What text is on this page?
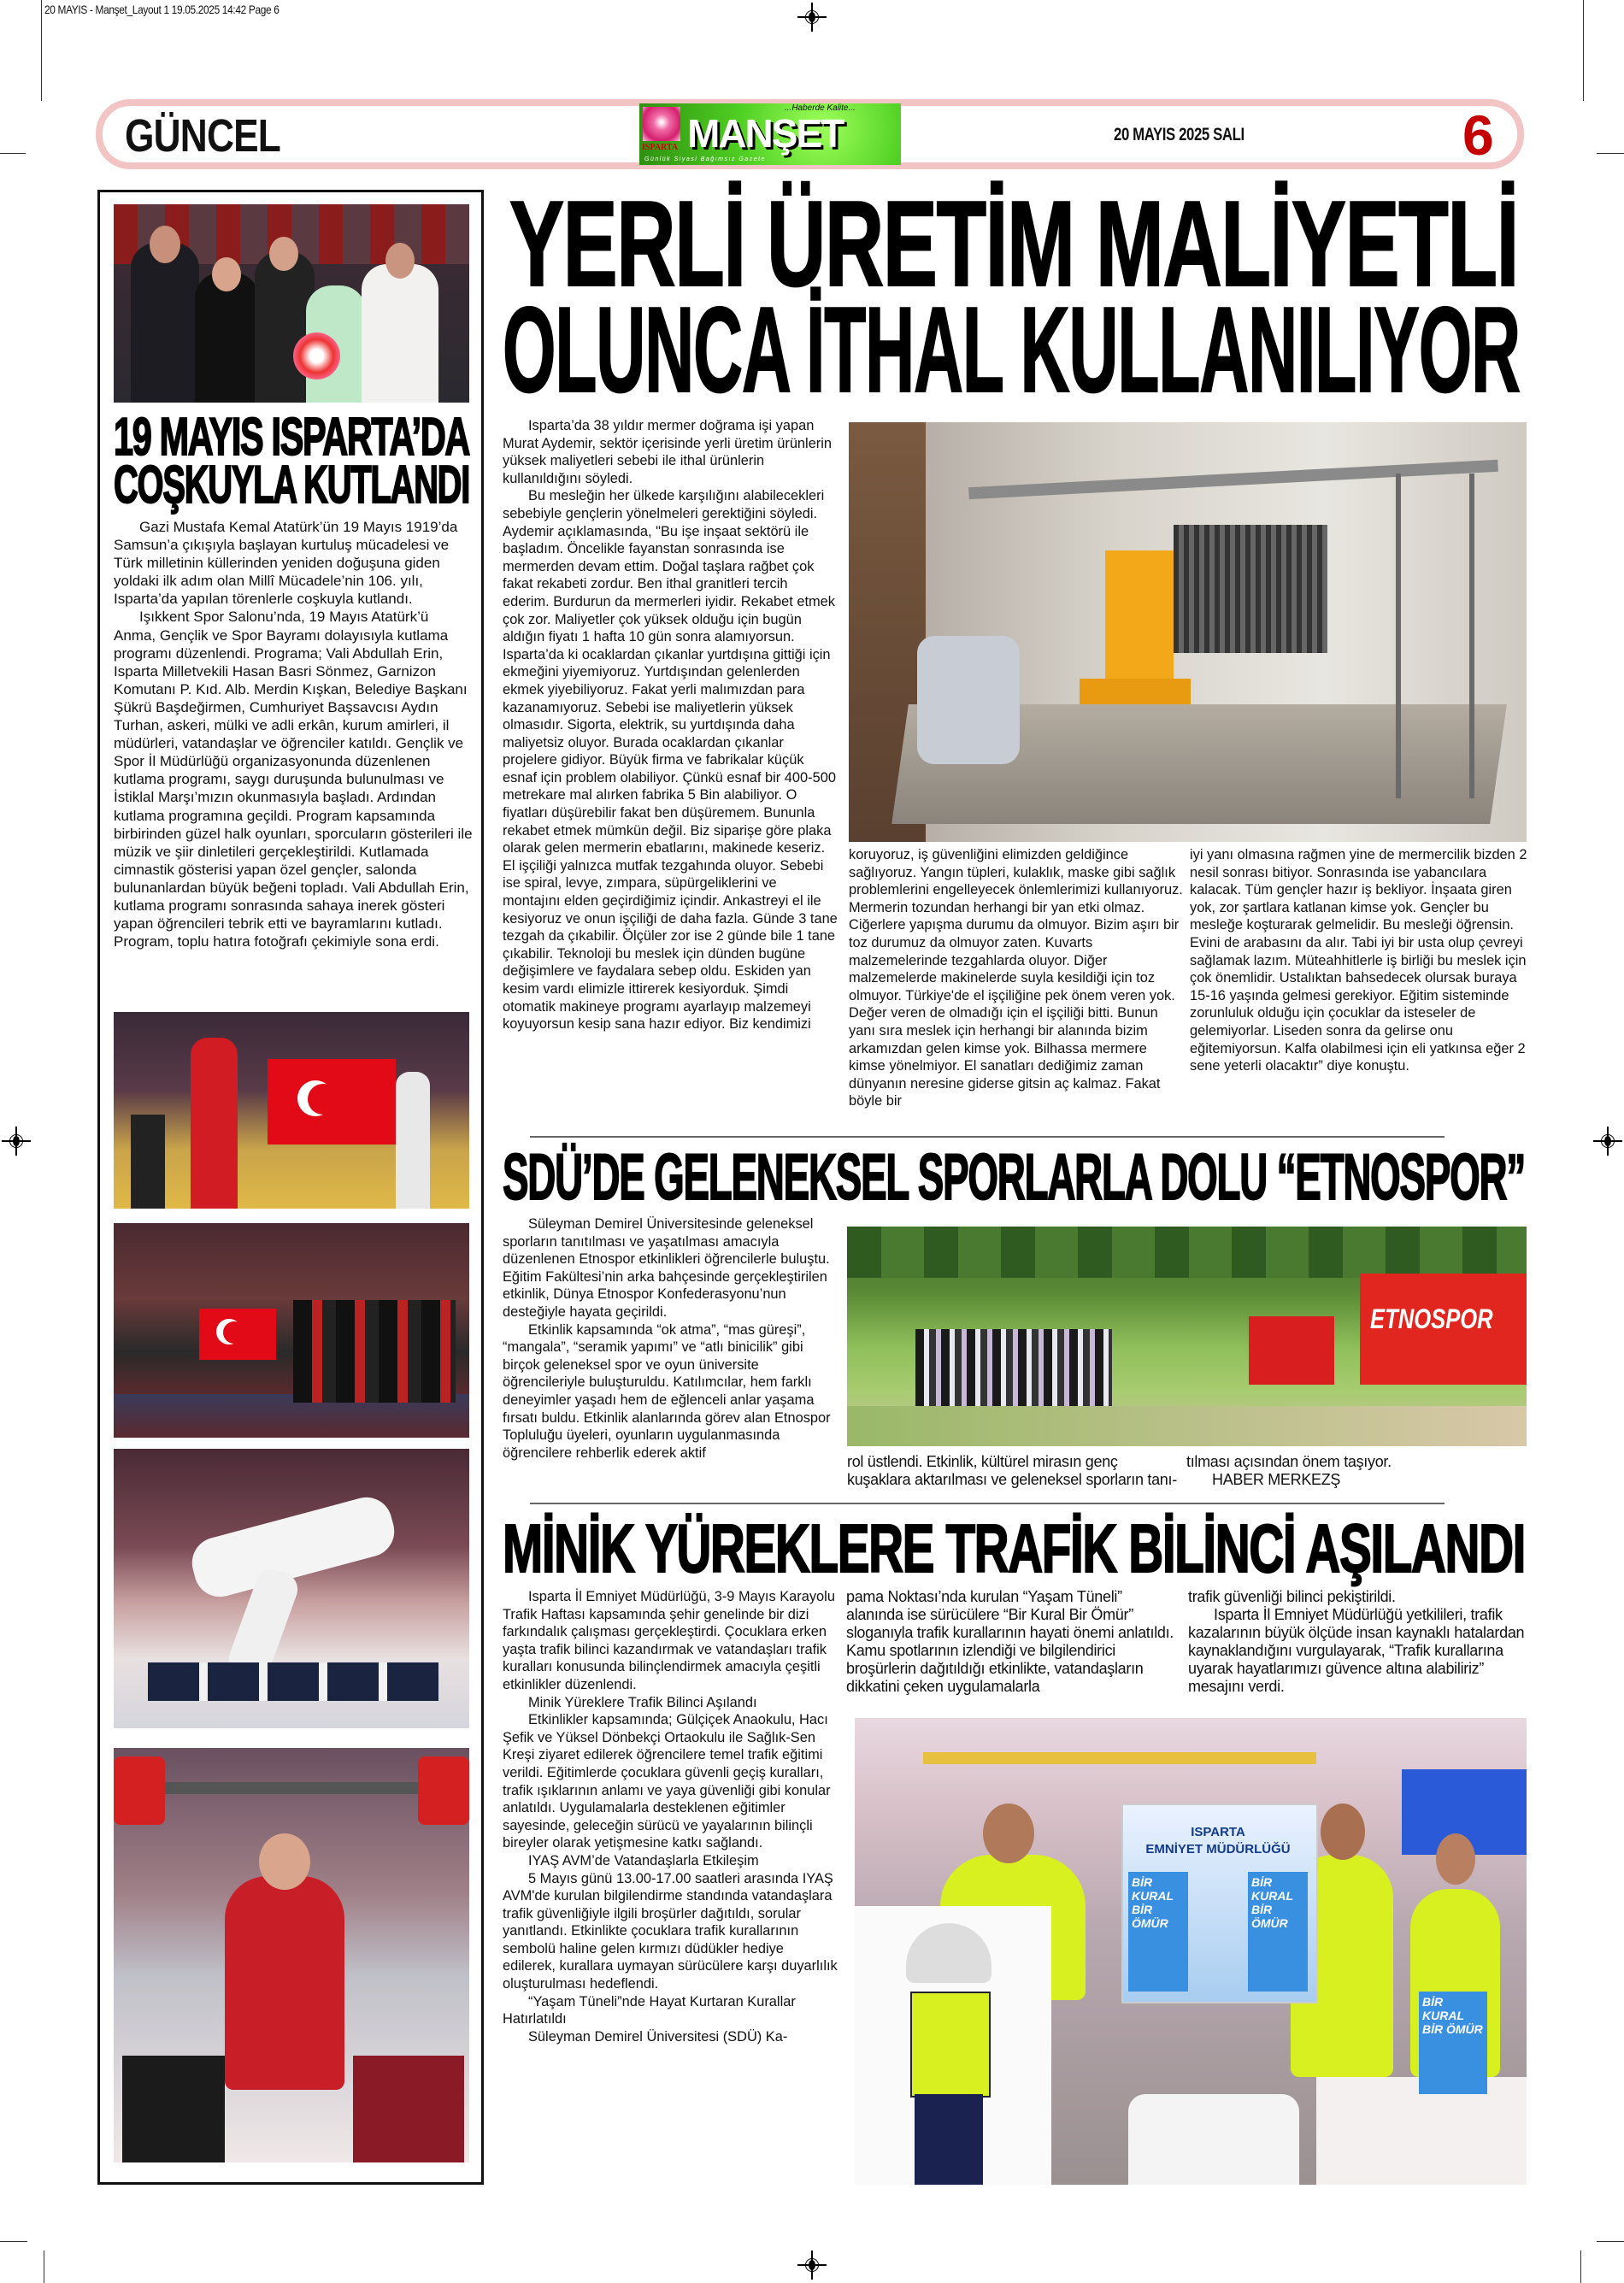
20 MAYIS - Manşet_Layout 1 19.05.2025 14:42 Page 6
GÜNCEL	ISPARTA MANŞET
...Haberde Kalite...
Günlük Siyasi Bağımsız Gazete
20 MAYIS 2025 SALI	6
19 MAYIS ISPARTA’DA
COŞKUYLA KUTLANDI

Gazi Mustafa Kemal Atatürk’ün 19 Mayıs 1919’da Samsun’a çıkışıyla başlayan kurtuluş mücadelesi ve Türk milletinin küllerinden yeniden doğuşuna giden yoldaki ilk adım olan Millî Mücadele’nin 106. yılı, Isparta’da yapılan törenlerle coşkuyla kutlandı.

Işıkkent Spor Salonu’nda, 19 Mayıs Atatürk’ü Anma, Gençlik ve Spor Bayramı dolayısıyla kutlama programı düzenlendi. Programa; Vali Abdullah Erin, Isparta Milletvekili Hasan Basri Sönmez, Garnizon Komutanı P. Kıd. Alb. Merdin Kışkan, Belediye Başkanı Şükrü Başdeğirmen, Cumhuriyet Başsavcısı Aydın Turhan, askeri, mülki ve adli erkân, kurum amirleri, il müdürleri, vatandaşlar ve öğrenciler katıldı. Gençlik ve Spor İl Müdürlüğü organizasyonunda düzenlenen kutlama programı, saygı duruşunda bulunulması ve İstiklal Marşı’mızın okunmasıyla başladı. Ardından kutlama programına geçildi. Program kapsamında birbirinden güzel halk oyunları, sporcuların gösterileri ile müzik ve şiir dinletileri gerçekleştirildi. Kutlamada cimnastik gösterisi yapan özel gençler, salonda bulunanlardan büyük beğeni topladı. Vali Abdullah Erin, kutlama programı sonrasında sahaya inerek gösteri yapan öğrencileri tebrik etti ve bayramlarını kutladı. Program, toplu hatıra fotoğrafı çekimiyle sona erdi.

YERLİ ÜRETİM MALİYETLİ
OLUNCA İTHAL KULLANILIYOR

Isparta’da 38 yıldır mermer doğrama işi yapan Murat Aydemir, sektör içerisinde yerli üretim ürünlerin yüksek maliyetleri sebebi ile ithal ürünlerin kullanıldığını söyledi.

Bu mesleğin her ülkede karşılığını alabilecekleri sebebiyle gençlerin yönelmeleri gerektiğini söyledi. Aydemir açıklamasında, "Bu işe inşaat sektörü ile başladım. Öncelikle fayanstan sonrasında ise mermerden devam ettim. Doğal taşlara rağbet çok fakat rekabeti zordur. Ben ithal granitleri tercih ederim. Burdurun da mermerleri iyidir. Rekabet etmek çok zor. Maliyetler çok yüksek olduğu için bugün aldığın fiyatı 1 hafta 10 gün sonra alamıyorsun. Isparta’da ki ocaklardan çıkanlar yurtdışına gittiği için ekmeğini yiyemiyoruz. Yurtdışından gelenlerden ekmek yiyebiliyoruz. Fakat yerli malımızdan para kazanamıyoruz. Sebebi ise maliyetlerin yüksek olmasıdır. Sigorta, elektrik, su yurtdışında daha maliyetsiz oluyor. Burada ocaklardan çıkanlar projelere gidiyor. Büyük firma ve fabrikalar küçük esnaf için problem olabiliyor. Çünkü esnaf bir 400-500 metrekare mal alırken fabrika 5 Bin alabiliyor. O fiyatları düşürebilir fakat ben düşüremem. Bununla rekabet etmek mümkün değil. Biz siparişe göre plaka olarak gelen mermerin ebatlarını, makinede keseriz. El işçiliği yalnızca mutfak tezgahında oluyor. Sebebi ise spiral, levye, zımpara, süpürgeliklerini ve montajını elden geçirdiğimiz içindir. Ankastreyi el ile kesiyoruz ve onun işçiliği de daha fazla. Günde 3 tane tezgah da çıkabilir. Ölçüler zor ise 2 günde bile 1 tane çıkabilir. Teknoloji bu meslek için dünden bugüne değişimlere ve faydalara sebep oldu. Eskiden yan kesim vardı elimizle ittirerek kesiyorduk. Şimdi otomatik makineye programı ayarlayıp malzemeyi koyuyorsun kesip sana hazır ediyor. Biz kendimizi

koruyoruz, iş güvenliğini elimizden geldiğince sağlıyoruz. Yangın tüpleri, kulaklık, maske gibi sağlık problemlerini engelleyecek önlemlerimizi kullanıyoruz. Mermerin tozundan herhangi bir yan etki olmaz. Ciğerlere yapışma durumu da olmuyor. Bizim aşırı bir toz durumuz da olmuyor zaten. Kuvarts malzemelerinde tezgahlarda oluyor. Diğer malzemelerde makinelerde suyla kesildiği için toz olmuyor. Türkiye'de el işçiliğine pek önem veren yok. Değer veren de olmadığı için el işçiliği bitti. Bunun yanı sıra meslek için herhangi bir alanında bizim arkamızdan gelen kimse yok. Bilhassa mermere kimse yönelmiyor. El sanatları dediğimiz zaman dünyanın neresine giderse gitsin aç kalmaz. Fakat böyle bir

iyi yanı olmasına rağmen yine de mermercilik bizden 2 nesil sonrası bitiyor. Sonrasında ise yabancılara kalacak. Tüm gençler hazır iş bekliyor. İnşaata giren yok, zor şartlara katlanan kimse yok. Gençler bu mesleğe koşturarak gelmelidir. Bu mesleği öğrensin. Evini de arabasını da alır. Tabi iyi bir usta olup çevreyi sağlamak lazım. Müteahhitlerle iş birliği bu meslek için çok önemlidir. Ustalıktan bahsedecek olursak buraya 15-16 yaşında gelmesi gerekiyor. Eğitim sisteminde zorunluluk olduğu için çocuklar da isteseler de gelemiyorlar. Liseden sonra da gelirse onu eğitemiyorsun. Kalfa olabilmesi için eli yatkınsa eğer 2 sene yeterli olacaktır” diye konuştu.

SDÜ’DE GELENEKSEL SPORLARLA DOLU “ETNOSPOR”

Süleyman Demirel Üniversitesinde geleneksel sporların tanıtılması ve yaşatılması amacıyla düzenlenen Etnospor etkinlikleri öğrencilerle buluştu. Eğitim Fakültesi’nin arka bahçesinde gerçekleştirilen etkinlik, Dünya Etnospor Konfederasyonu’nun desteğiyle hayata geçirildi.

Etkinlik kapsamında “ok atma”, “mas güreşi”, “mangala”, “seramik yapımı” ve “atlı binicilik” gibi birçok geleneksel spor ve oyun üniversite öğrencileriyle buluşturuldu. Katılımcılar, hem farklı deneyimler yaşadı hem de eğlenceli anlar yaşama fırsatı buldu. Etkinlik alanlarında görev alan Etnospor Topluluğu üyeleri, oyunların uygulanmasında öğrencilere rehberlik ederek aktif

ETNOSPOR

rol üstlendi. Etkinlik, kültürel mirasın genç kuşaklara aktarılması ve geleneksel sporların tanı-

tılması açısından önem taşıyor.

HABER MERKEZŞ

MİNİK YÜREKLERE TRAFİK BİLİNCİ AŞILANDI

Isparta İl Emniyet Müdürlüğü, 3-9 Mayıs Karayolu Trafik Haftası kapsamında şehir genelinde bir dizi farkındalık çalışması gerçekleştirdi. Çocuklara erken yaşta trafik bilinci kazandırmak ve vatandaşları trafik kuralları konusunda bilinçlendirmek amacıyla çeşitli etkinlikler düzenlendi.

Minik Yüreklere Trafik Bilinci Aşılandı

Etkinlikler kapsamında; Gülçiçek Anaokulu, Hacı Şefik ve Yüksel Dönbekçi Ortaokulu ile Sağlık-Sen Kreşi ziyaret edilerek öğrencilere temel trafik eğitimi verildi. Eğitimlerde çocuklara güvenli geçiş kuralları, trafik ışıklarının anlamı ve yaya güvenliği gibi konular anlatıldı. Uygulamalarla desteklenen eğitimler sayesinde, geleceğin sürücü ve yayalarının bilinçli bireyler olarak yetişmesine katkı sağlandı.

IYAŞ AVM’de Vatandaşlarla Etkileşim

5 Mayıs günü 13.00-17.00 saatleri arasında IYAŞ AVM'de kurulan bilgilendirme standında vatandaşlara trafik güvenliğiyle ilgili broşürler dağıtıldı, sorular yanıtlandı. Etkinlikte çocuklara trafik kurallarının sembolü haline gelen kırmızı düdükler hediye edilerek, kurallara uymayan sürücülere karşı duyarlılık oluşturulması hedeflendi.

“Yaşam Tüneli”nde Hayat Kurtaran Kurallar Hatırlatıldı

Süleyman Demirel Üniversitesi (SDÜ) Ka-

pama Noktası’nda kurulan “Yaşam Tüneli” alanında ise sürücülere “Bir Kural Bir Ömür” sloganıyla trafik kurallarının hayati önemi anlatıldı. Kamu spotlarının izlendiği ve bilgilendirici broşürlerin dağıtıldığı etkinlikte, vatandaşların dikkatini çeken uygulamalarla

trafik güvenliği bilinci pekiştirildi.

Isparta İl Emniyet Müdürlüğü yetkilileri, trafik kazalarının büyük ölçüde insan kaynaklı hatalardan kaynaklandığını vurgulayarak, “Trafik kurallarına uyarak hayatlarımızı güvence altına alabiliriz” mesajını verdi.

ISPARTA
EMNİYET MÜDÜRLÜĞÜ
BİR KURAL BİR ÖMÜR
BİR KURAL BİR ÖMÜR
BİR KURAL BİR ÖMÜR
